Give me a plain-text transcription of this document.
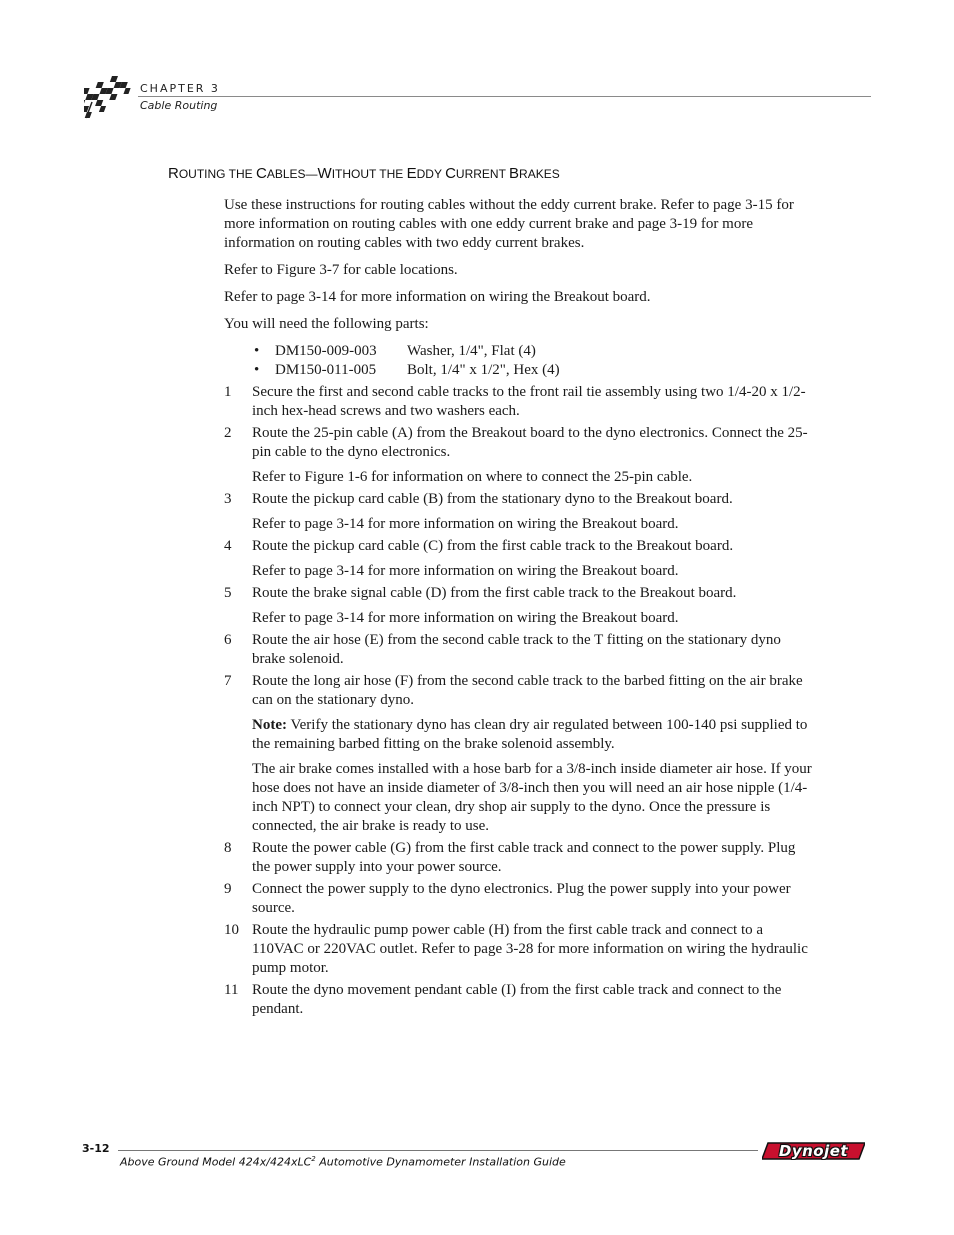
CHAPTER 3
Cable Routing
ROUTING THE CABLES—WITHOUT THE EDDY CURRENT BRAKES

Use these instructions for routing cables without the eddy current brake. Refer to page 3-15 for more information on routing cables with one eddy current brake and page 3-19 for more information on routing cables with two eddy current brakes.

Refer to Figure 3-7 for cable locations.

Refer to page 3-14 for more information on wiring the Breakout board.

You will need the following parts:

• DM150-009-003 Washer, 1/4", Flat (4)
• DM150-011-005 Bolt, 1/4" x 1/2", Hex (4)
1 Secure the first and second cable tracks to the front rail tie assembly using two 1/4-20 x 1/2-inch hex-head screws and two washers each.

2 Route the 25-pin cable (A) from the Breakout board to the dyno electronics. Connect the 25-pin cable to the dyno electronics.

Refer to Figure 1-6 for information on where to connect the 25-pin cable.

3 Route the pickup card cable (B) from the stationary dyno to the Breakout board.

Refer to page 3-14 for more information on wiring the Breakout board.

4 Route the pickup card cable (C) from the first cable track to the Breakout board.

Refer to page 3-14 for more information on wiring the Breakout board.

5 Route the brake signal cable (D) from the first cable track to the Breakout board.

Refer to page 3-14 for more information on wiring the Breakout board.

6 Route the air hose (E) from the second cable track to the T fitting on the stationary dyno brake solenoid.

7 Route the long air hose (F) from the second cable track to the barbed fitting on the air brake can on the stationary dyno.

Note: Verify the stationary dyno has clean dry air regulated between 100-140 psi supplied to the remaining barbed fitting on the brake solenoid assembly.

The air brake comes installed with a hose barb for a 3/8-inch inside diameter air hose. If your hose does not have an inside diameter of 3/8-inch then you will need an air hose nipple (1/4-inch NPT) to connect your clean, dry shop air supply to the dyno. Once the pressure is connected, the air brake is ready to use.

8 Route the power cable (G) from the first cable track and connect to the power supply. Plug the power supply into your power source.

9 Connect the power supply to the dyno electronics. Plug the power supply into your power source.

10 Route the hydraulic pump power cable (H) from the first cable track and connect to a 110VAC or 220VAC outlet. Refer to page 3-28 for more information on wiring the hydraulic pump motor.

11 Route the dyno movement pendant cable (I) from the first cable track and connect to the pendant.

3-12
Above Ground Model 424x/424xLC$^2$ Automotive Dynamometer Installation Guide
Dynojet
